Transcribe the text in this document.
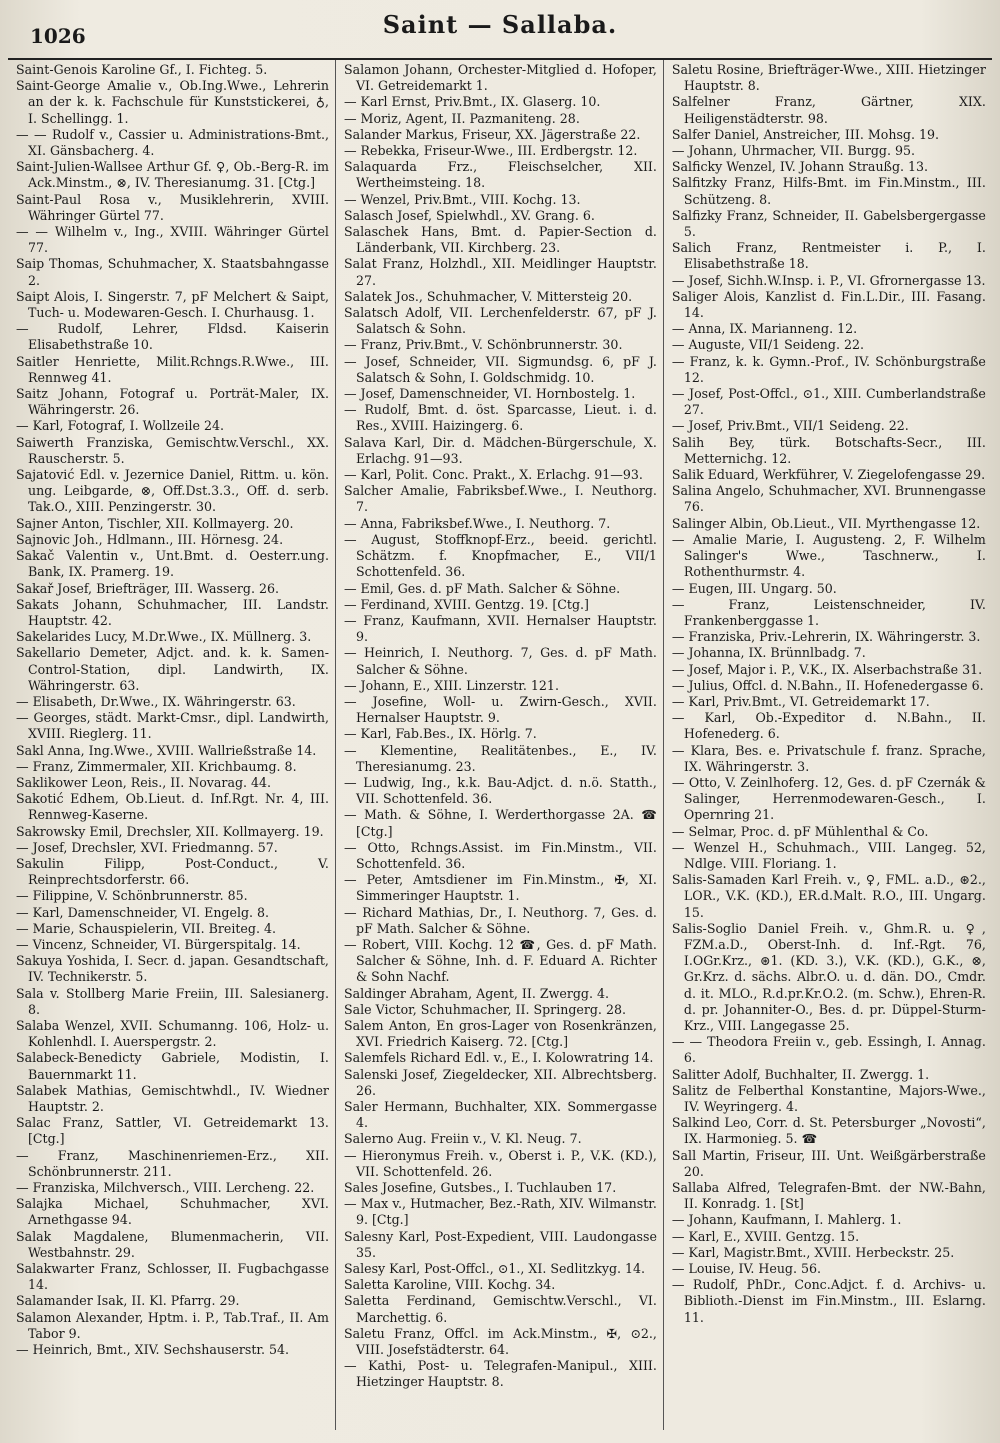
1026	Saint — Sallaba.

Saint-Genois Karoline Gf., I. Fichteg. 5.

Saint-George Amalie v., Ob.Ing.Wwe., Lehrerin an der k. k. Fachschule für Kunststickerei, ♁, I. Schellingg. 1.

— — Rudolf v., Cassier u. Administrations-Bmt., XI. Gänsbacherg. 4.

Saint-Julien-Wallsee Arthur Gf. ♀, Ob.-Berg-R. im Ack.Minstm., ⊗, IV. Theresianumg. 31. [Ctg.]

Saint-Paul Rosa v., Musiklehrerin, XVIII. Währinger Gürtel 77.

— — Wilhelm v., Ing., XVIII. Währinger Gürtel 77.

Saip Thomas, Schuhmacher, X. Staatsbahngasse 2.

Saipt Alois, I. Singerstr. 7, pF Melchert & Saipt, Tuch- u. Modewaren-Gesch. I. Churhausg. 1.

— Rudolf, Lehrer, Fldsd. Kaiserin Elisabethstraße 10.

Saitler Henriette, Milit.Rchngs.R.Wwe., III. Rennweg 41.

Saitz Johann, Fotograf u. Porträt-Maler, IX. Währingerstr. 26.

— Karl, Fotograf, I. Wollzeile 24.

Saiwerth Franziska, Gemischtw.Verschl., XX. Rauscherstr. 5.

Sajatović Edl. v. Jezernice Daniel, Rittm. u. kön. ung. Leibgarde, ⊗, Off.Dst.3.3., Off. d. serb. Tak.O., XIII. Penzingerstr. 30.

Sajner Anton, Tischler, XII. Kollmayerg. 20.

Sajnovic Joh., Hdlmann., III. Hörnesg. 24.

Sakač Valentin v., Unt.Bmt. d. Oesterr.ung. Bank, IX. Pramerg. 19.

Sakař Josef, Briefträger, III. Wasserg. 26.

Sakats Johann, Schuhmacher, III. Landstr. Hauptstr. 42.

Sakelarides Lucy, M.Dr.Wwe., IX. Müllnerg. 3.

Sakellario Demeter, Adjct. and. k. k. Samen-Control-Station, dipl. Landwirth, IX. Währingerstr. 63.

— Elisabeth, Dr.Wwe., IX. Währingerstr. 63.

— Georges, städt. Markt-Cmsr., dipl. Landwirth, XVIII. Rieglerg. 11.

Sakl Anna, Ing.Wwe., XVIII. Wallrießstraße 14.

— Franz, Zimmermaler, XII. Krichbaumg. 8.

Saklikower Leon, Reis., II. Novarag. 44.

Sakotić Edhem, Ob.Lieut. d. Inf.Rgt. Nr. 4, III. Rennweg-Kaserne.

Sakrowsky Emil, Drechsler, XII. Kollmayerg. 19.

— Josef, Drechsler, XVI. Friedmanng. 57.

Sakulin Filipp, Post-Conduct., V. Reinprechtsdorferstr. 66.

— Filippine, V. Schönbrunnerstr. 85.

— Karl, Damenschneider, VI. Engelg. 8.

— Marie, Schauspielerin, VII. Breiteg. 4.

— Vincenz, Schneider, VI. Bürgerspitalg. 14.

Sakuya Yoshida, I. Secr. d. japan. Gesandtschaft, IV. Technikerstr. 5.

Sala v. Stollberg Marie Freiin, III. Salesianerg. 8.

Salaba Wenzel, XVII. Schumanng. 106, Holz- u. Kohlenhdl. I. Auerspergstr. 2.

Salabeck-Benedicty Gabriele, Modistin, I. Bauernmarkt 11.

Salabek Mathias, Gemischtwhdl., IV. Wiedner Hauptstr. 2.

Salac Franz, Sattler, VI. Getreidemarkt 13. [Ctg.]

— Franz, Maschinenriemen-Erz., XII. Schönbrunnerstr. 211.

— Franziska, Milchversch., VIII. Lercheng. 22.

Salajka Michael, Schuhmacher, XVI. Arnethgasse 94.

Salak Magdalene, Blumenmacherin, VII. Westbahnstr. 29.

Salakwarter Franz, Schlosser, II. Fugbachgasse 14.

Salamander Isak, II. Kl. Pfarrg. 29.

Salamon Alexander, Hptm. i. P., Tab.Traf., II. Am Tabor 9.

— Heinrich, Bmt., XIV. Sechshauserstr. 54.

Salamon Johann, Orchester-Mitglied d. Hofoper, VI. Getreidemarkt 1.

— Karl Ernst, Priv.Bmt., IX. Glaserg. 10.

— Moriz, Agent, II. Pazmaniteng. 28.

Salander Markus, Friseur, XX. Jägerstraße 22.

— Rebekka, Friseur-Wwe., III. Erdbergstr. 12.

Salaquarda Frz., Fleischselcher, XII. Wertheimsteing. 18.

— Wenzel, Priv.Bmt., VIII. Kochg. 13.

Salasch Josef, Spielwhdl., XV. Grang. 6.

Salaschek Hans, Bmt. d. Papier-Section d. Länderbank, VII. Kirchberg. 23.

Salat Franz, Holzhdl., XII. Meidlinger Hauptstr. 27.

Salatek Jos., Schuhmacher, V. Mittersteig 20.

Salatsch Adolf, VII. Lerchenfelderstr. 67, pF J. Salatsch & Sohn.

— Franz, Priv.Bmt., V. Schönbrunnerstr. 30.

— Josef, Schneider, VII. Sigmundsg. 6, pF J. Salatsch & Sohn, I. Goldschmidg. 10.

— Josef, Damenschneider, VI. Hornbostelg. 1.

— Rudolf, Bmt. d. öst. Sparcasse, Lieut. i. d. Res., XVIII. Haizingerg. 6.

Salava Karl, Dir. d. Mädchen-Bürgerschule, X. Erlachg. 91—93.

— Karl, Polit. Conc. Prakt., X. Erlachg. 91—93.

Salcher Amalie, Fabriksbef.Wwe., I. Neuthorg. 7.

— Anna, Fabriksbef.Wwe., I. Neuthorg. 7.

— August, Stoffknopf-Erz., beeid. gerichtl. Schätzm. f. Knopfmacher, E., VII/1 Schottenfeld. 36.

— Emil, Ges. d. pF Math. Salcher & Söhne.

— Ferdinand, XVIII. Gentzg. 19. [Ctg.]

— Franz, Kaufmann, XVII. Hernalser Hauptstr. 9.

— Heinrich, I. Neuthorg. 7, Ges. d. pF Math. Salcher & Söhne.

— Johann, E., XIII. Linzerstr. 121.

— Josefine, Woll- u. Zwirn-Gesch., XVII. Hernalser Hauptstr. 9.

— Karl, Fab.Bes., IX. Hörlg. 7.

— Klementine, Realitätenbes., E., IV. Theresianumg. 23.

— Ludwig, Ing., k.k. Bau-Adjct. d. n.ö. Statth., VII. Schottenfeld. 36.

— Math. & Söhne, I. Werderthorgasse 2A. ☎ [Ctg.]

— Otto, Rchngs.Assist. im Fin.Minstm., VII. Schottenfeld. 36.

— Peter, Amtsdiener im Fin.Minstm., ✠, XI. Simmeringer Hauptstr. 1.

— Richard Mathias, Dr., I. Neuthorg. 7, Ges. d. pF Math. Salcher & Söhne.

— Robert, VIII. Kochg. 12 ☎, Ges. d. pF Math. Salcher & Söhne, Inh. d. F. Eduard A. Richter & Sohn Nachf.

Saldinger Abraham, Agent, II. Zwergg. 4.

Sale Victor, Schuhmacher, II. Springerg. 28.

Salem Anton, En gros-Lager von Rosenkränzen, XVI. Friedrich Kaiserg. 72. [Ctg.]

Salemfels Richard Edl. v., E., I. Kolowratring 14.

Salenski Josef, Ziegeldecker, XII. Albrechtsberg. 26.

Saler Hermann, Buchhalter, XIX. Sommergasse 4.

Salerno Aug. Freiin v., V. Kl. Neug. 7.

— Hieronymus Freih. v., Oberst i. P., V.K. (KD.), VII. Schottenfeld. 26.

Sales Josefine, Gutsbes., I. Tuchlauben 17.

— Max v., Hutmacher, Bez.-Rath, XIV. Wilmanstr. 9. [Ctg.]

Salesny Karl, Post-Expedient, VIII. Laudongasse 35.

Salesy Karl, Post-Offcl., ⊙1., XI. Sedlitzkyg. 14.

Saletta Karoline, VIII. Kochg. 34.

Saletta Ferdinand, Gemischtw.Verschl., VI. Marchettig. 6.

Saletu Franz, Offcl. im Ack.Minstm., ✠, ⊙2., VIII. Josefstädterstr. 64.

— Kathi, Post- u. Telegrafen-Manipul., XIII. Hietzinger Hauptstr. 8.

Saletu Rosine, Briefträger-Wwe., XIII. Hietzinger Hauptstr. 8.

Salfelner Franz, Gärtner, XIX. Heiligenstädterstr. 98.

Salfer Daniel, Anstreicher, III. Mohsg. 19.

— Johann, Uhrmacher, VII. Burgg. 95.

Salficky Wenzel, IV. Johann Straußg. 13.

Salfitzky Franz, Hilfs-Bmt. im Fin.Minstm., III. Schützeng. 8.

Salfizky Franz, Schneider, II. Gabelsbergergasse 5.

Salich Franz, Rentmeister i. P., I. Elisabethstraße 18.

— Josef, Sichh.W.Insp. i. P., VI. Gfrornergasse 13.

Saliger Alois, Kanzlist d. Fin.L.Dir., III. Fasang. 14.

— Anna, IX. Marianneng. 12.

— Auguste, VII/1 Seideng. 22.

— Franz, k. k. Gymn.-Prof., IV. Schönburgstraße 12.

— Josef, Post-Offcl., ⊙1., XIII. Cumberlandstraße 27.

— Josef, Priv.Bmt., VII/1 Seideng. 22.

Salih Bey, türk. Botschafts-Secr., III. Metternichg. 12.

Salik Eduard, Werkführer, V. Ziegelofengasse 29.

Salina Angelo, Schuhmacher, XVI. Brunnengasse 76.

Salinger Albin, Ob.Lieut., VII. Myrthengasse 12.

— Amalie Marie, I. Augusteng. 2, F. Wilhelm Salinger's Wwe., Taschnerw., I. Rothenthurmstr. 4.

— Eugen, III. Ungarg. 50.

— Franz, Leistenschneider, IV. Frankenberggasse 1.

— Franziska, Priv.-Lehrerin, IX. Währingerstr. 3.

— Johanna, IX. Brünnlbadg. 7.

— Josef, Major i. P., V.K., IX. Alserbachstraße 31.

— Julius, Offcl. d. N.Bahn., II. Hofenedergasse 6.

— Karl, Priv.Bmt., VI. Getreidemarkt 17.

— Karl, Ob.-Expeditor d. N.Bahn., II. Hofenederg. 6.

— Klara, Bes. e. Privatschule f. franz. Sprache, IX. Währingerstr. 3.

— Otto, V. Zeinlhoferg. 12, Ges. d. pF Czernák & Salinger, Herrenmodewaren-Gesch., I. Opernring 21.

— Selmar, Proc. d. pF Mühlenthal & Co.

— Wenzel H., Schuhmach., VIII. Langeg. 52, Ndlge. VIII. Floriang. 1.

Salis-Samaden Karl Freih. v., ♀, FML. a.D., ⊛2., LOR., V.K. (KD.), ER.d.Malt. R.O., III. Ungarg. 15.

Salis-Soglio Daniel Freih. v., Ghm.R. u. ♀, FZM.a.D., Oberst-Inh. d. Inf.-Rgt. 76, I.OGr.Krz., ⊛1. (KD. 3.), V.K. (KD.), G.K., ⊗, Gr.Krz. d. sächs. Albr.O. u. d. dän. DO., Cmdr. d. it. MLO., R.d.pr.Kr.O.2. (m. Schw.), Ehren-R. d. pr. Johanniter-O., Bes. d. pr. Düppel-Sturm-Krz., VIII. Langegasse 25.

— — Theodora Freiin v., geb. Essingh, I. Annag. 6.

Salitter Adolf, Buchhalter, II. Zwergg. 1.

Salitz de Felberthal Konstantine, Majors-Wwe., IV. Weyringerg. 4.

Salkind Leo, Corr. d. St. Petersburger „Novosti“, IX. Harmonieg. 5. ☎

Sall Martin, Friseur, III. Unt. Weißgärberstraße 20.

Sallaba Alfred, Telegrafen-Bmt. der NW.-Bahn, II. Konradg. 1. [St]

— Johann, Kaufmann, I. Mahlerg. 1.

— Karl, E., XVIII. Gentzg. 15.

— Karl, Magistr.Bmt., XVIII. Herbeckstr. 25.

— Louise, IV. Heug. 56.

— Rudolf, PhDr., Conc.Adjct. f. d. Archivs- u. Biblioth.-Dienst im Fin.Minstm., III. Eslarng. 11.
